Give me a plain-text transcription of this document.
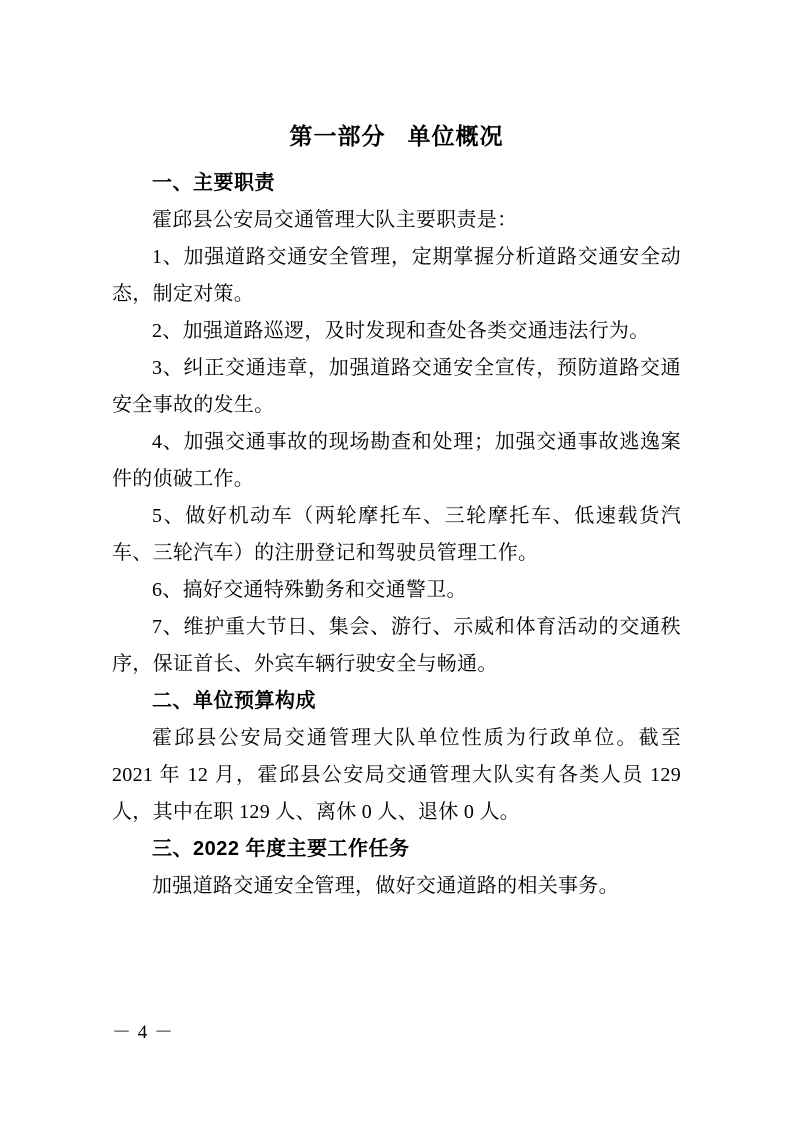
第一部分 单位概况

一、主要职责

霍邱县公安局交通管理大队主要职责是：

1、加强道路交通安全管理，定期掌握分析道路交通安全动态，制定对策。

2、加强道路巡逻，及时发现和查处各类交通违法行为。

3、纠正交通违章，加强道路交通安全宣传，预防道路交通安全事故的发生。

4、加强交通事故的现场勘查和处理；加强交通事故逃逸案件的侦破工作。

5、做好机动车（两轮摩托车、三轮摩托车、低速载货汽车、三轮汽车）的注册登记和驾驶员管理工作。

6、搞好交通特殊勤务和交通警卫。

7、维护重大节日、集会、游行、示威和体育活动的交通秩序，保证首长、外宾车辆行驶安全与畅通。

二、单位预算构成

霍邱县公安局交通管理大队单位性质为行政单位。截至 2021 年 12 月，霍邱县公安局交通管理大队实有各类人员 129 人，其中在职 129 人、离休 0 人、退休 0 人。

三、2022 年度主要工作任务

加强道路交通安全管理，做好交通道路的相关事务。

－ 4 －
